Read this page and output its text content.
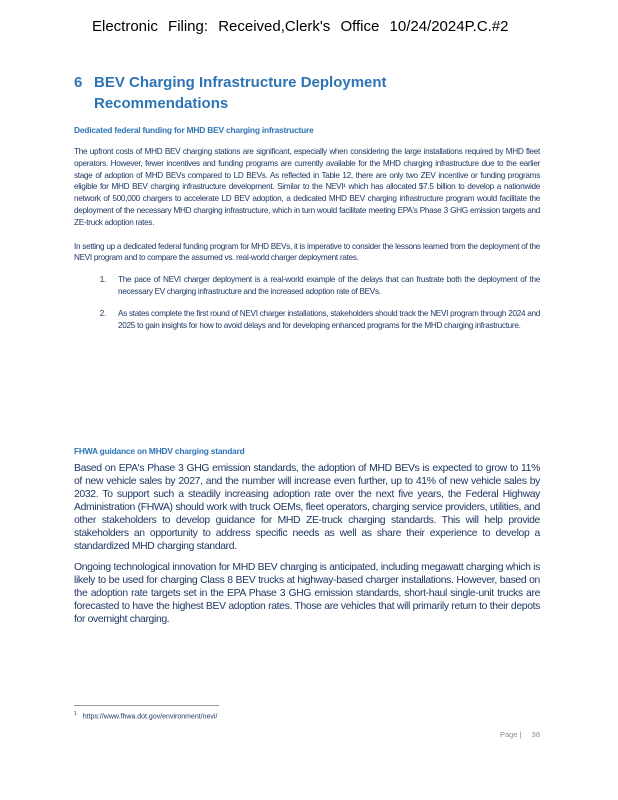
Electronic Filing: Received,Clerk's Office 10/24/2024P.C.#2
6 BEV Charging Infrastructure Deployment
Recommendations
Dedicated federal funding for MHD BEV charging infrastructure
The upfront costs of MHD BEV charging stations are significant, especially when considering the large installations required by MHD fleet operators. However, fewer incentives and funding programs are currently available for the MHD charging infrastructure due to the earlier stage of adoption of MHD BEVs compared to LD BEVs. As reflected in Table 12, there are only two ZEV incentive or funding programs eligible for MHD BEV charging infrastructure development. Similar to the NEVI¹ which has allocated $7.5 billion to develop a nationwide network of 500,000 chargers to accelerate LD BEV adoption, a dedicated MHD BEV charging infrastructure program would facilitate the deployment of the necessary MHD charging infrastructure, which in turn would facilitate meeting EPA's Phase 3 GHG emission targets and ZE-truck adoption rates.
In setting up a dedicated federal funding program for MHD BEVs, it is imperative to consider the lessons learned from the deployment of the NEVI program and to compare the assumed vs. real-world charger deployment rates.
1. The pace of NEVI charger deployment is a real-world example of the delays that can frustrate both the deployment of the necessary EV charging infrastructure and the increased adoption rate of BEVs.
2. As states complete the first round of NEVI charger installations, stakeholders should track the NEVI program through 2024 and 2025 to gain insights for how to avoid delays and for developing enhanced programs for the MHD charging infrastructure.
FHWA guidance on MHDV charging standard
Based on EPA's Phase 3 GHG emission standards, the adoption of MHD BEVs is expected to grow to 11% of new vehicle sales by 2027, and the number will increase even further, up to 41% of new vehicle sales by 2032. To support such a steadily increasing adoption rate over the next five years, the Federal Highway Administration (FHWA) should work with truck OEMs, fleet operators, charging service providers, utilities, and other stakeholders to develop guidance for MHD ZE-truck charging standards. This will help provide stakeholders an opportunity to address specific needs as well as share their experience to develop a standardized MHD charging standard.
Ongoing technological innovation for MHD BEV charging is anticipated, including megawatt charging which is likely to be used for charging Class 8 BEV trucks at highway-based charger installations. However, based on the adoption rate targets set in the EPA Phase 3 GHG emission standards, short-haul single-unit trucks are forecasted to have the highest BEV adoption rates. Those are vehicles that will primarily return to their depots for overnight charging.
$^1$ https://www.fhwa.dot.gov/environment/nevi/
Page | 38
